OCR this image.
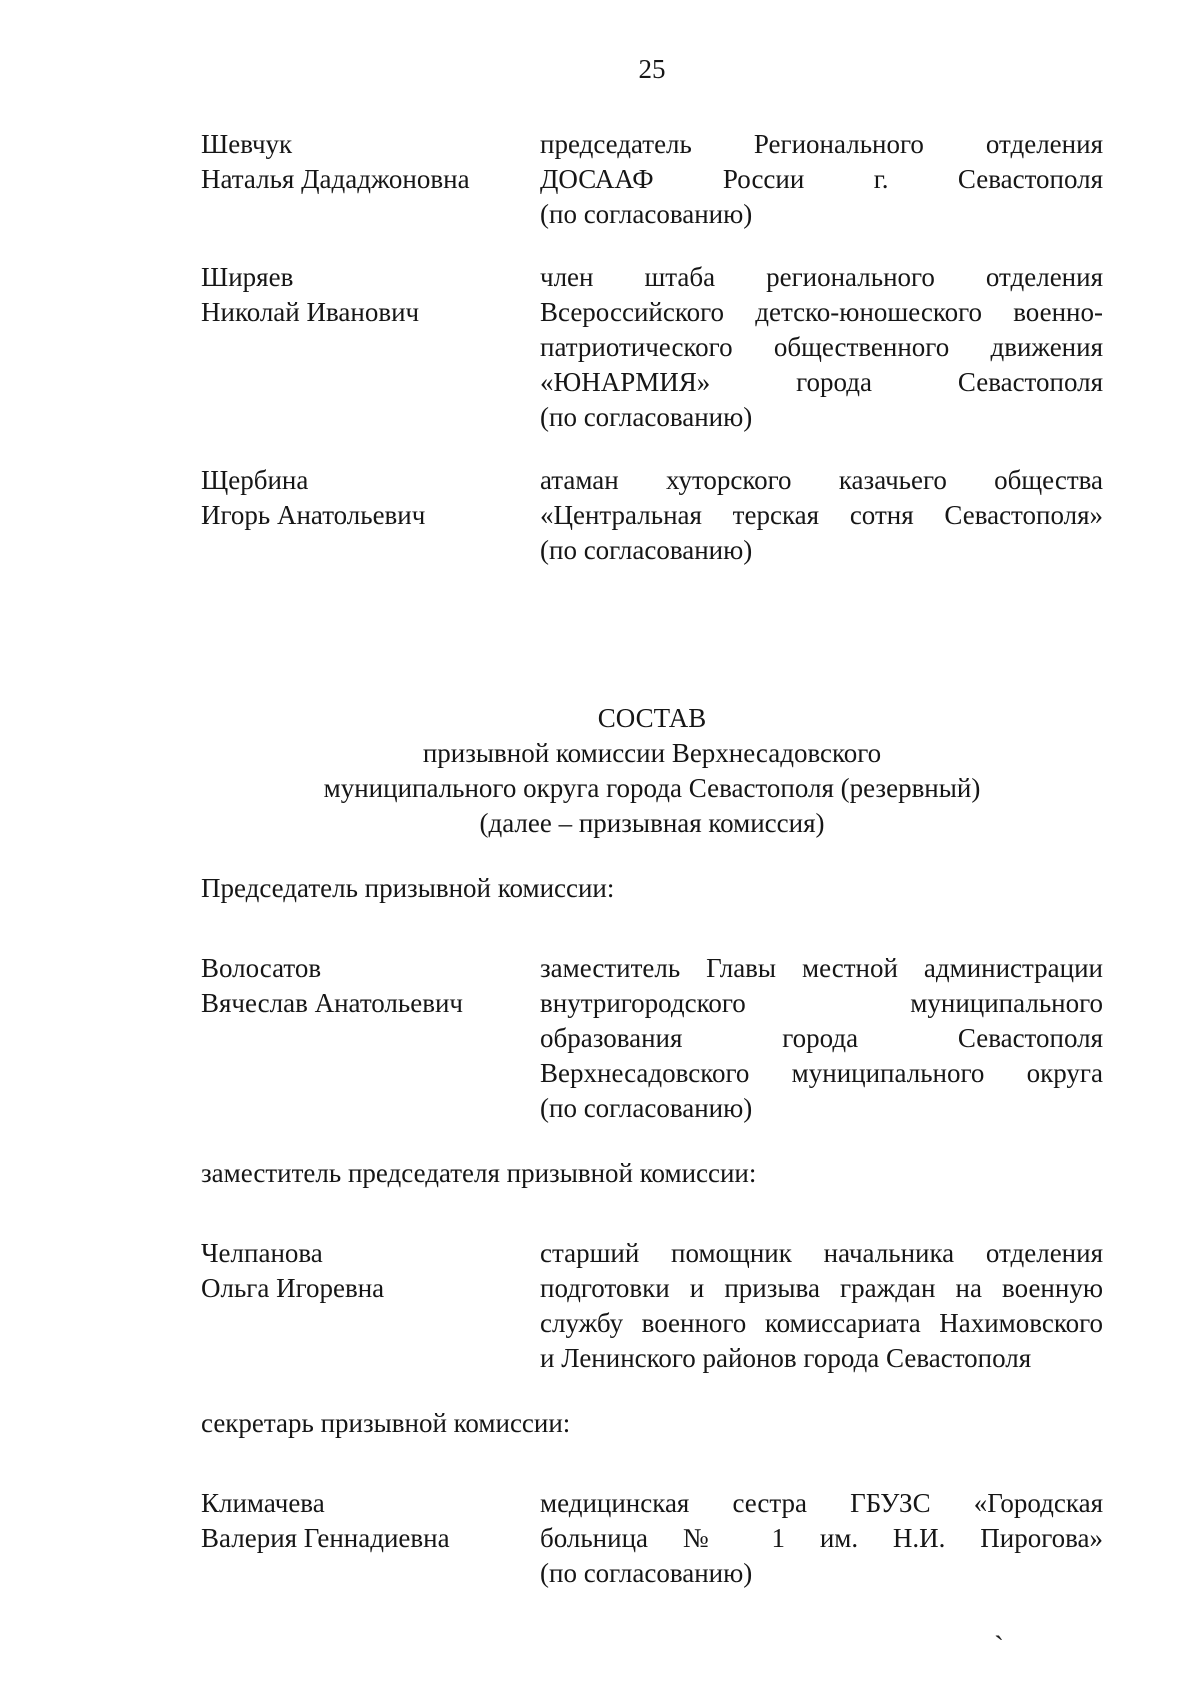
25
Шевчук
Наталья Дададжоновна
председатель Регионального отделения
ДОСААФ России г. Севастополя
(по согласованию)
Ширяев
Николай Иванович
член штаба регионального отделения
Всероссийского детско-юношеского военно-
патриотического общественного движения
«ЮНАРМИЯ» города Севастополя
(по согласованию)
Щербина
Игорь Анатольевич
атаман хуторского казачьего общества
«Центральная терская сотня Севастополя»
(по согласованию)
СОСТАВ
призывной комиссии Верхнесадовского
муниципального округа города Севастополя (резервный)
(далее – призывная комиссия)
Председатель призывной комиссии:
Волосатов
Вячеслав Анатольевич
заместитель Главы местной администрации
внутригородского муниципального
образования города Севастополя
Верхнесадовского муниципального округа
(по согласованию)
заместитель председателя призывной комиссии:
Челпанова
Ольга Игоревна
старший помощник начальника отделения
подготовки и призыва граждан на военную
службу военного комиссариата Нахимовского
и Ленинского районов города Севастополя
секретарь призывной комиссии:
Климачева
Валерия Геннадиевна
медицинская сестра ГБУЗС «Городская
больница № 1 им. Н.И. Пирогова»
(по согласованию)
`
